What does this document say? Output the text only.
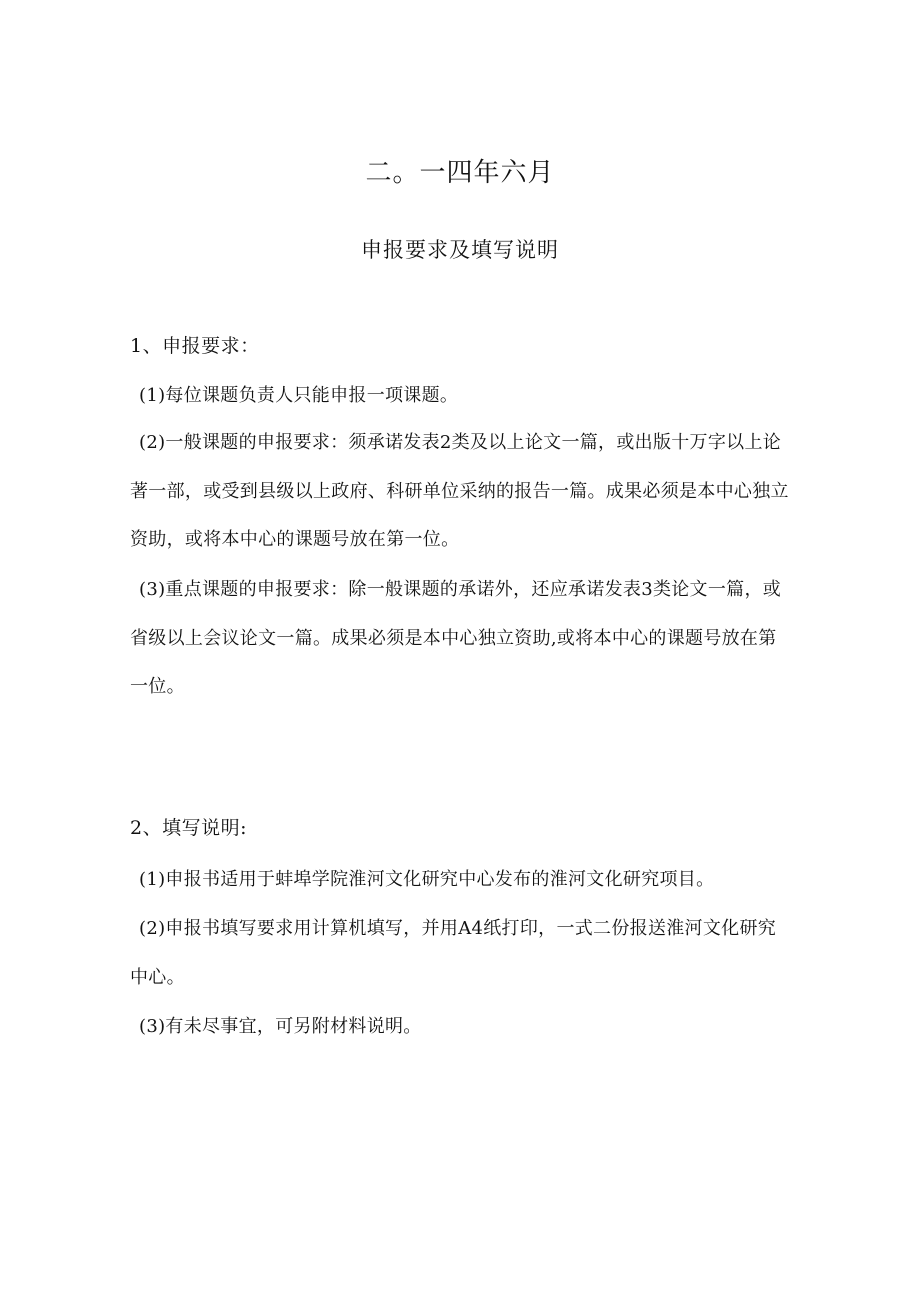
二。一四年六月
申报要求及填写说明
1、申报要求：

(1)每位课题负责人只能申报一项课题。

(2)一般课题的申报要求：须承诺发表2类及以上论文一篇，或出版十万字以上论著一部，或受到县级以上政府、科研单位采纳的报告一篇。成果必须是本中心独立资助，或将本中心的课题号放在第一位。

(3)重点课题的申报要求：除一般课题的承诺外，还应承诺发表3类论文一篇，或省级以上会议论文一篇。成果必须是本中心独立资助,或将本中心的课题号放在第一位。

2、填写说明:

(1)申报书适用于蚌埠学院淮河文化研究中心发布的淮河文化研究项目。

(2)申报书填写要求用计算机填写，并用A4纸打印，一式二份报送淮河文化研究中心。

(3)有未尽事宜，可另附材料说明。
